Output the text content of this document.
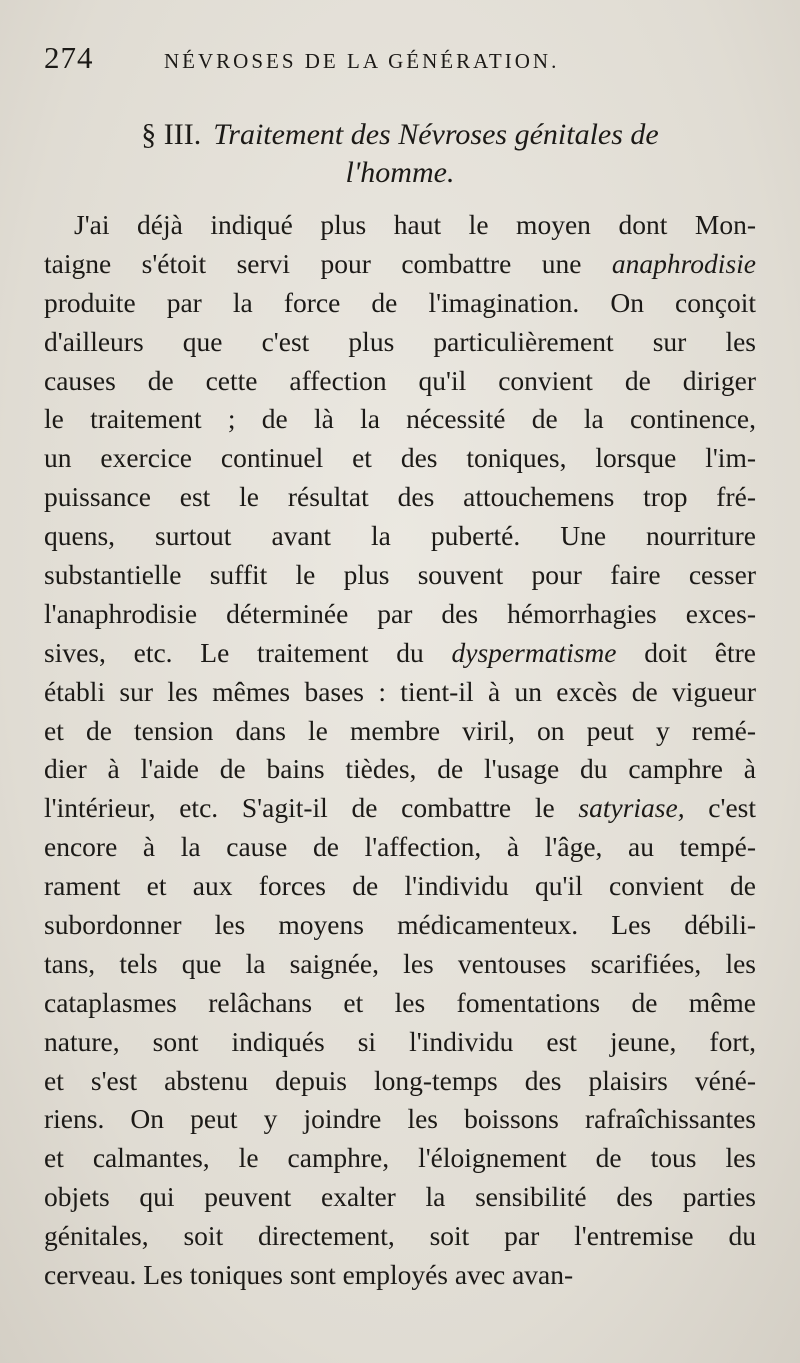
274	NÉVROSES DE LA GÉNÉRATION.
§ III. Traitement des Névroses génitales de
l'homme.
J'ai déjà indiqué plus haut le moyen dont Mon-
taigne s'étoit servi pour combattre une anaphrodisie
produite par la force de l'imagination. On conçoit
d'ailleurs que c'est plus particulièrement sur les
causes de cette affection qu'il convient de diriger
le traitement ; de là la nécessité de la continence,
un exercice continuel et des toniques, lorsque l'im-
puissance est le résultat des attouchemens trop fré-
quens, surtout avant la puberté. Une nourriture
substantielle suffit le plus souvent pour faire cesser
l'anaphrodisie déterminée par des hémorrhagies exces-
sives, etc. Le traitement du dyspermatisme doit être
établi sur les mêmes bases : tient-il à un excès de vigueur
et de tension dans le membre viril, on peut y remé-
dier à l'aide de bains tièdes, de l'usage du camphre à
l'intérieur, etc. S'agit-il de combattre le satyriase, c'est
encore à la cause de l'affection, à l'âge, au tempé-
rament et aux forces de l'individu qu'il convient de
subordonner les moyens médicamenteux. Les débili-
tans, tels que la saignée, les ventouses scarifiées, les
cataplasmes relâchans et les fomentations de même
nature, sont indiqués si l'individu est jeune, fort,
et s'est abstenu depuis long-temps des plaisirs véné-
riens. On peut y joindre les boissons rafraîchissantes
et calmantes, le camphre, l'éloignement de tous les
objets qui peuvent exalter la sensibilité des parties
génitales, soit directement, soit par l'entremise du
cerveau. Les toniques sont employés avec avan-
